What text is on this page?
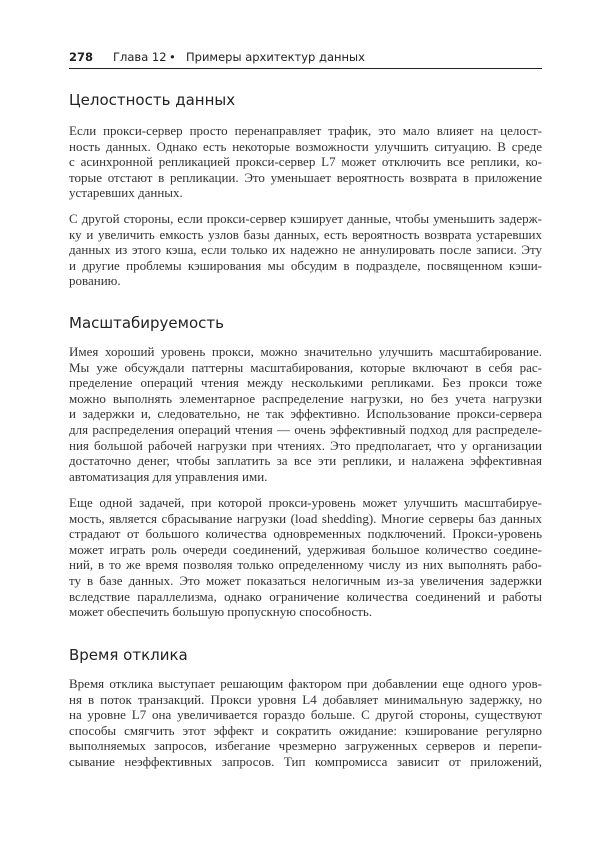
278 Глава 12 • Примеры архитектур данных
Целостность данных
Если прокси-сервер просто перенаправляет трафик, это мало влияет на целост-
ность данных. Однако есть некоторые возможности улучшить ситуацию. В среде
с асинхронной репликацией прокси-сервер L7 может отключить все реплики, ко-
торые отстают в репликации. Это уменьшает вероятность возврата в приложение
устаревших данных.
С другой стороны, если прокси-сервер кэширует данные, чтобы уменьшить задерж-
ку и увеличить емкость узлов базы данных, есть вероятность возврата устаревших
данных из этого кэша, если только их надежно не аннулировать после записи. Эту
и другие проблемы кэширования мы обсудим в подразделе, посвященном кэши-
рованию.
Масштабируемость
Имея хороший уровень прокси, можно значительно улучшить масштабирование.
Мы уже обсуждали паттерны масштабирования, которые включают в себя рас-
пределение операций чтения между несколькими репликами. Без прокси тоже
можно выполнять элементарное распределение нагрузки, но без учета нагрузки
и задержки и, следовательно, не так эффективно. Использование прокси-сервера
для распределения операций чтения — очень эффективный подход для распределе-
ния большой рабочей нагрузки при чтениях. Это предполагает, что у организации
достаточно денег, чтобы заплатить за все эти реплики, и налажена эффективная
автоматизация для управления ими.
Еще одной задачей, при которой прокси-уровень может улучшить масштабируе-
мость, является сбрасывание нагрузки (load shedding). Многие серверы баз данных
страдают от большого количества одновременных подключений. Прокси-уровень
может играть роль очереди соединений, удерживая большое количество соедине-
ний, в то же время позволяя только определенному числу из них выполнять рабо-
ту в базе данных. Это может показаться нелогичным из-за увеличения задержки
вследствие параллелизма, однако ограничение количества соединений и работы
может обеспечить большую пропускную способность.
Время отклика
Время отклика выступает решающим фактором при добавлении еще одного уров-
ня в поток транзакций. Прокси уровня L4 добавляет минимальную задержку, но
на уровне L7 она увеличивается гораздо больше. С другой стороны, существуют
способы смягчить этот эффект и сократить ожидание: кэширование регулярно
выполняемых запросов, избегание чрезмерно загруженных серверов и перепи-
сывание неэффективных запросов. Тип компромисса зависит от приложений,
